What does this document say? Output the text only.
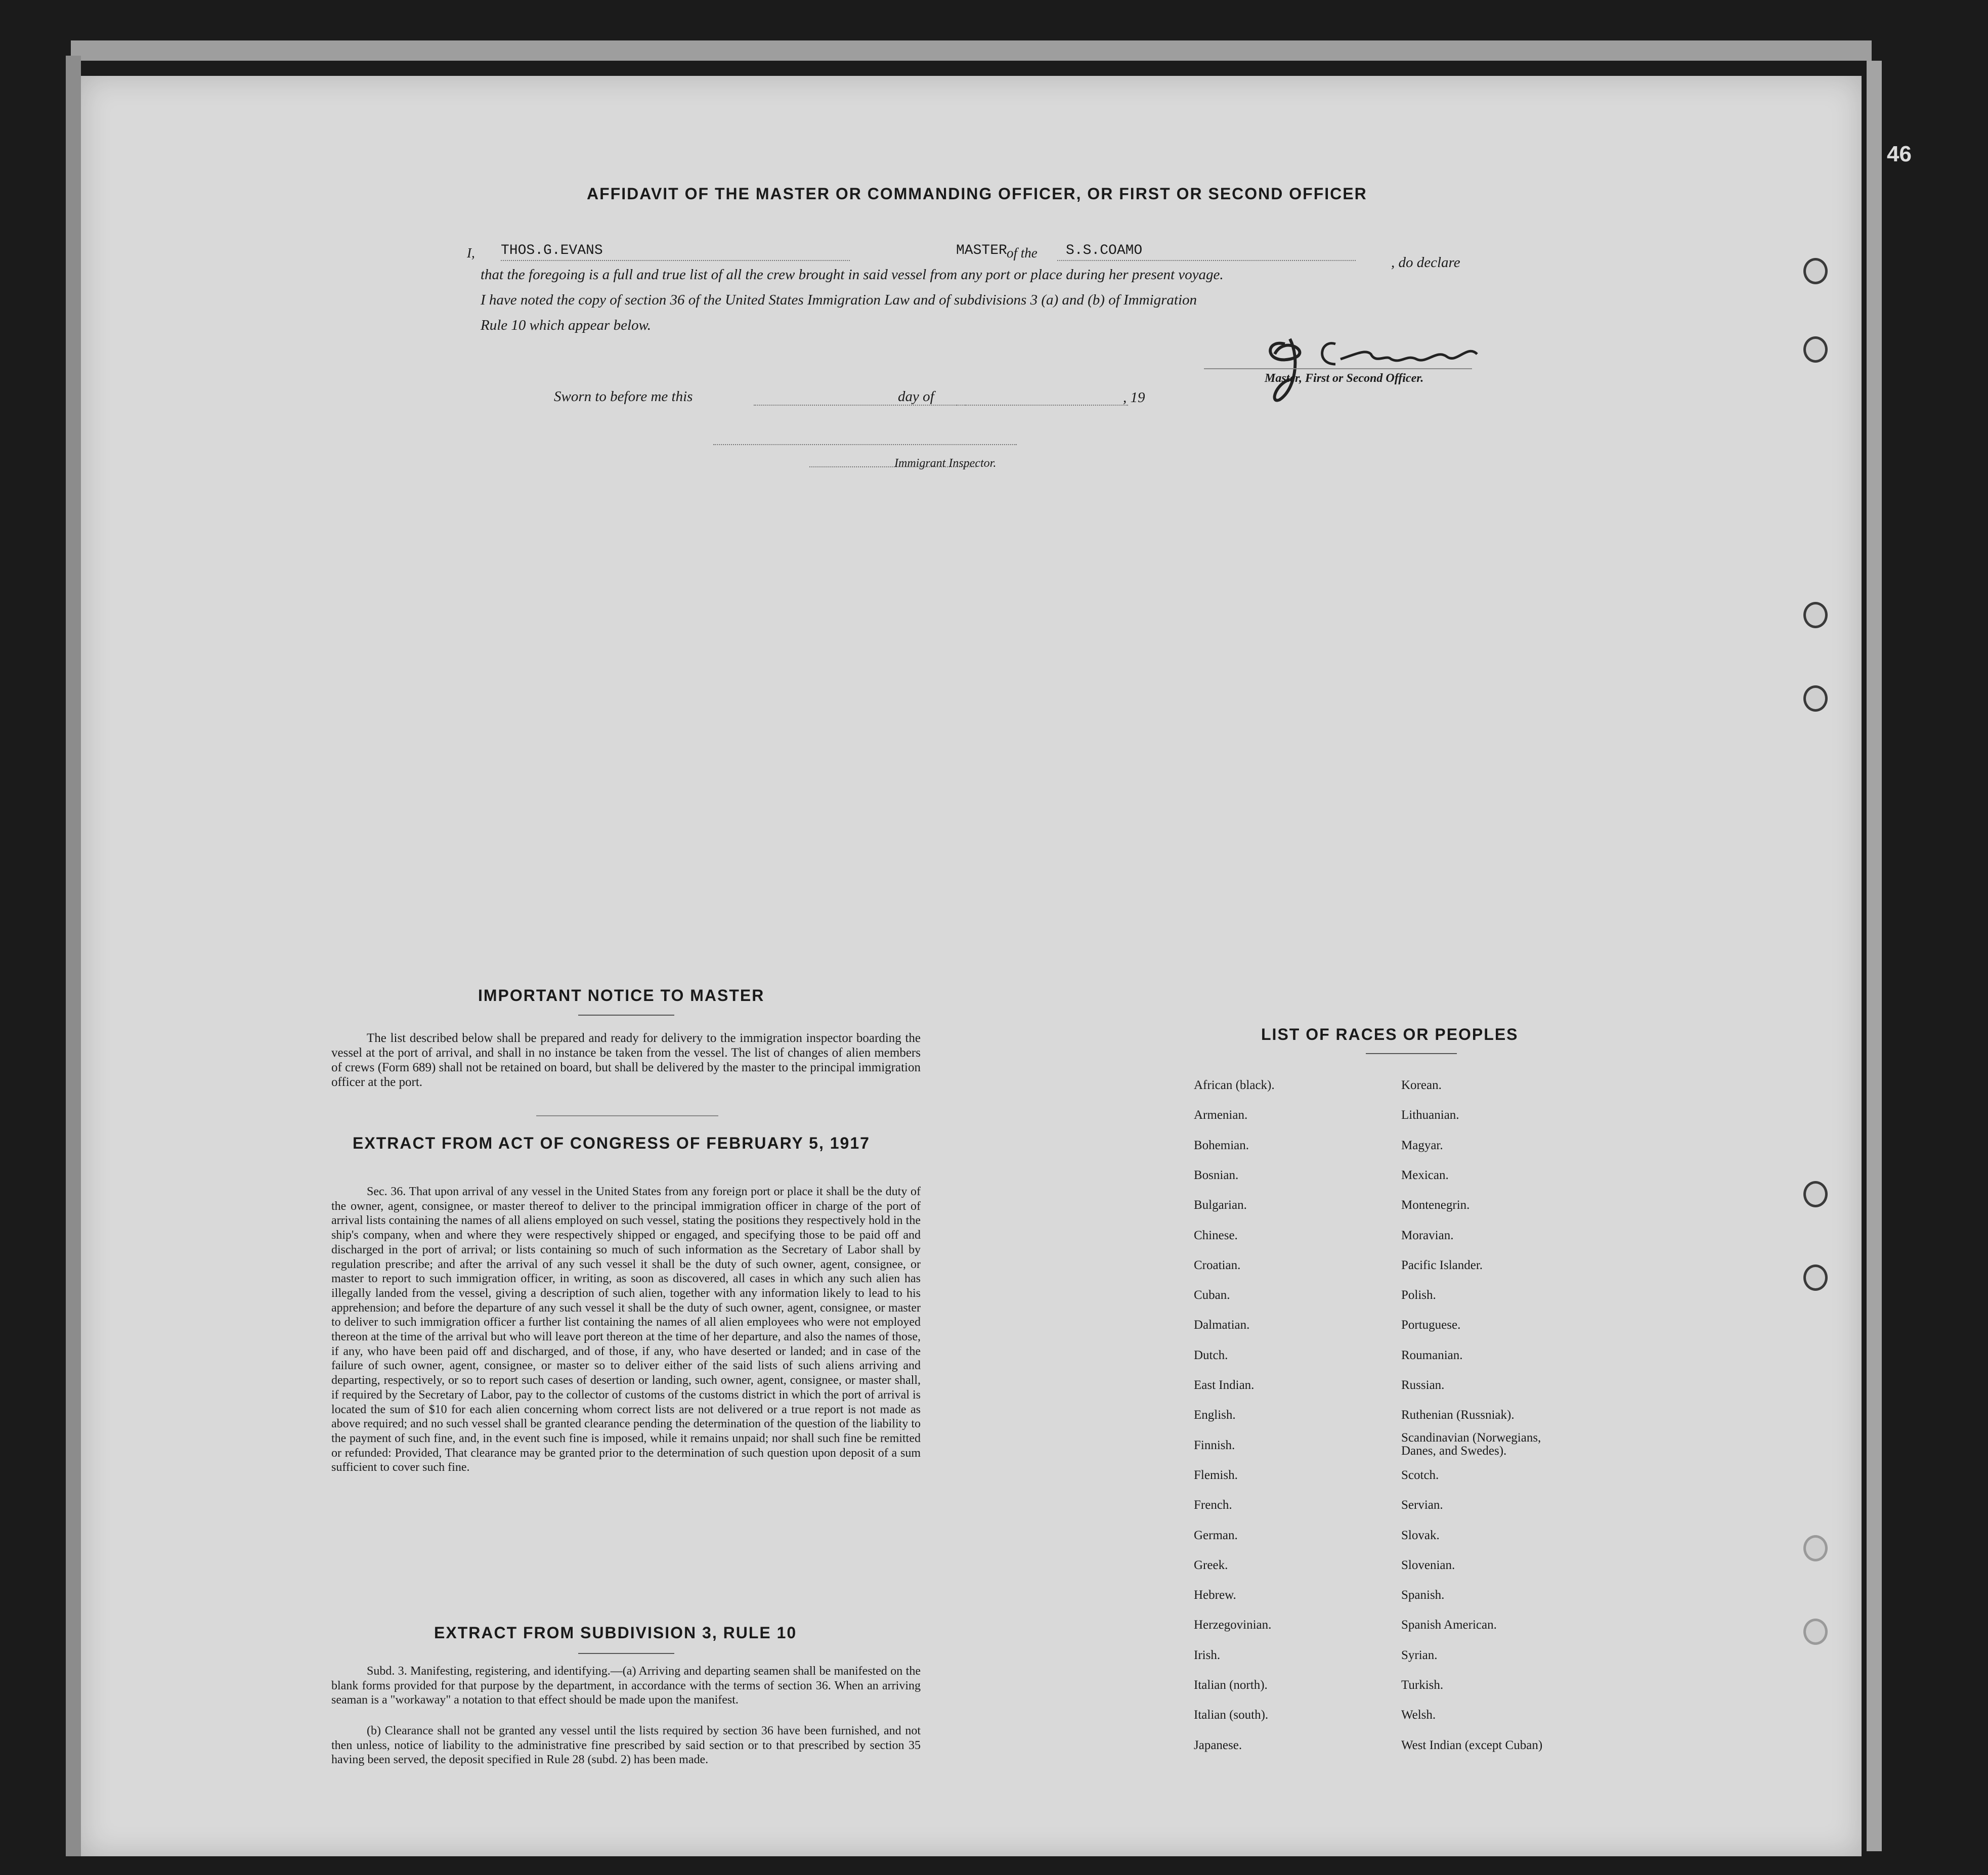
46
AFFIDAVIT OF THE MASTER OR COMMANDING OFFICER, OR FIRST OR SECOND OFFICER
I, THOS.G.EVANS	MASTER of the S.S.COAMO
, do declare
that the foregoing is a full and true list of all the crew brought in said vessel from any port or place during her present voyage.
I have noted the copy of section 36 of the United States Immigration Law and of subdivisions 3 (a) and (b) of Immigration
Rule 10 which appear below.
Master, First or Second Officer.
Sworn to before me this	day of	, 19
Immigrant Inspector.
IMPORTANT NOTICE TO MASTER
The list described below shall be prepared and ready for delivery to the immigration inspector boarding the vessel at the port of arrival, and shall in no instance be taken from the vessel. The list of changes of alien members of crews (Form 689) shall not be retained on board, but shall be delivered by the master to the principal immigration officer at the port.
EXTRACT FROM ACT OF CONGRESS OF FEBRUARY 5, 1917
Sec. 36. That upon arrival of any vessel in the United States from any foreign port or place it shall be the duty of the owner, agent, consignee, or master thereof to deliver to the principal immigration officer in charge of the port of arrival lists containing the names of all aliens employed on such vessel, stating the positions they respectively hold in the ship's company, when and where they were respectively shipped or engaged, and specifying those to be paid off and discharged in the port of arrival; or lists containing so much of such information as the Secretary of Labor shall by regulation prescribe; and after the arrival of any such vessel it shall be the duty of such owner, agent, consignee, or master to report to such immigration officer, in writing, as soon as discovered, all cases in which any such alien has illegally landed from the vessel, giving a description of such alien, together with any information likely to lead to his apprehension; and before the departure of any such vessel it shall be the duty of such owner, agent, consignee, or master to deliver to such immigration officer a further list containing the names of all alien employees who were not employed thereon at the time of the arrival but who will leave port thereon at the time of her departure, and also the names of those, if any, who have been paid off and discharged, and of those, if any, who have deserted or landed; and in case of the failure of such owner, agent, consignee, or master so to deliver either of the said lists of such aliens arriving and departing, respectively, or so to report such cases of desertion or landing, such owner, agent, consignee, or master shall, if required by the Secretary of Labor, pay to the collector of customs of the customs district in which the port of arrival is located the sum of $10 for each alien concerning whom correct lists are not delivered or a true report is not made as above required; and no such vessel shall be granted clearance pending the determination of the question of the liability to the payment of such fine, and, in the event such fine is imposed, while it remains unpaid; nor shall such fine be remitted or refunded: Provided, That clearance may be granted prior to the determination of such question upon deposit of a sum sufficient to cover such fine.
EXTRACT FROM SUBDIVISION 3, RULE 10
Subd. 3. Manifesting, registering, and identifying.—(a) Arriving and departing seamen shall be manifested on the blank forms provided for that purpose by the department, in accordance with the terms of section 36. When an arriving seaman is a "workaway" a notation to that effect should be made upon the manifest.
(b) Clearance shall not be granted any vessel until the lists required by section 36 have been furnished, and not then unless, notice of liability to the administrative fine prescribed by said section or to that prescribed by section 35 having been served, the deposit specified in Rule 28 (subd. 2) has been made.
LIST OF RACES OR PEOPLES
African (black).
Armenian.
Bohemian.
Bosnian.
Bulgarian.
Chinese.
Croatian.
Cuban.
Dalmatian.
Dutch.
East Indian.
English.
Finnish.
Flemish.
French.
German.
Greek.
Hebrew.
Herzegovinian.
Irish.
Italian (north).
Italian (south).
Japanese.
Korean.
Lithuanian.
Magyar.
Mexican.
Montenegrin.
Moravian.
Pacific Islander.
Polish.
Portuguese.
Roumanian.
Russian.
Ruthenian (Russniak).
Scandinavian (Norwegians, Danes, and Swedes).
Scotch.
Servian.
Slovak.
Slovenian.
Spanish.
Spanish American.
Syrian.
Turkish.
Welsh.
West Indian (except Cuban)
